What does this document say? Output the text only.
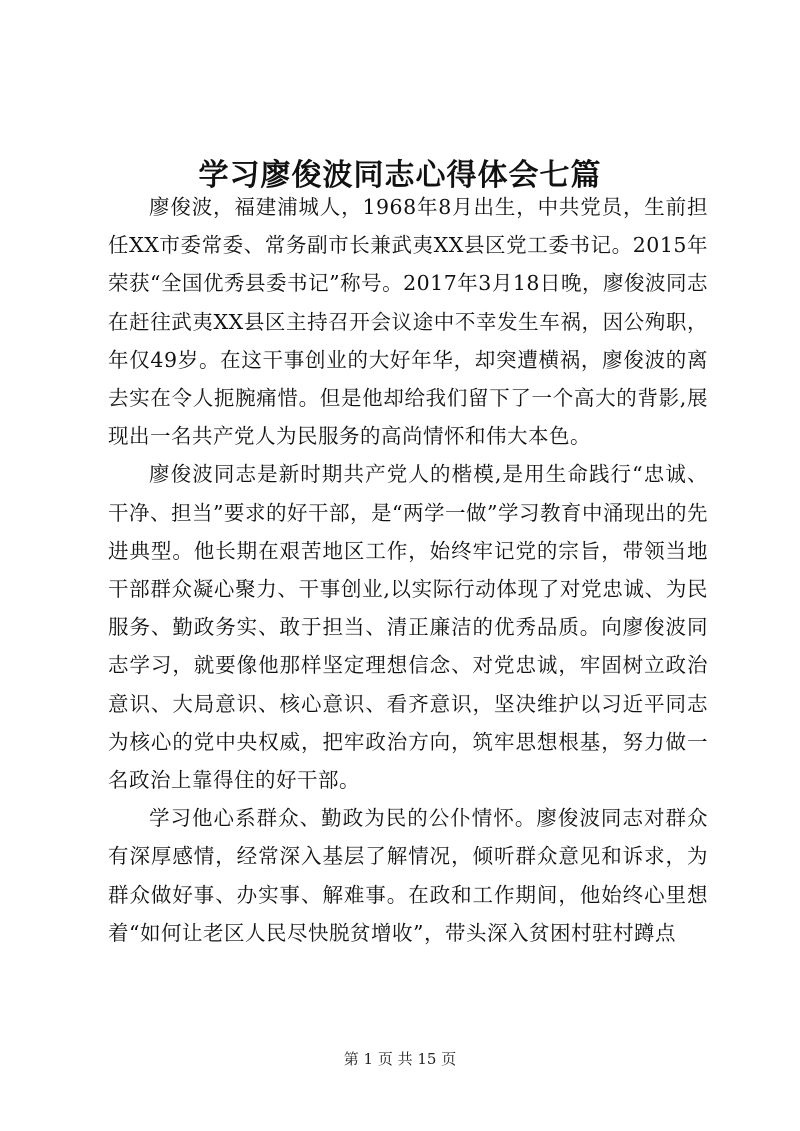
学习廖俊波同志心得体会七篇

廖俊波，福建浦城人，1968年8月出生，中共党员，生前担任XX市委常委、常务副市长兼武夷XX县区党工委书记。2015年荣获“全国优秀县委书记”称号。2017年3月18日晚，廖俊波同志在赶往武夷XX县区主持召开会议途中不幸发生车祸，因公殉职，年仅49岁。在这干事创业的大好年华，却突遭横祸，廖俊波的离去实在令人扼腕痛惜。但是他却给我们留下了一个高大的背影,展现出一名共产党人为民服务的高尚情怀和伟大本色。

廖俊波同志是新时期共产党人的楷模,是用生命践行“忠诚、干净、担当”要求的好干部，是“两学一做”学习教育中涌现出的先进典型。他长期在艰苦地区工作，始终牢记党的宗旨，带领当地干部群众凝心聚力、干事创业,以实际行动体现了对党忠诚、为民服务、勤政务实、敢于担当、清正廉洁的优秀品质。向廖俊波同志学习，就要像他那样坚定理想信念、对党忠诚，牢固树立政治意识、大局意识、核心意识、看齐意识，坚决维护以习近平同志为核心的党中央权威，把牢政治方向，筑牢思想根基，努力做一名政治上靠得住的好干部。

学习他心系群众、勤政为民的公仆情怀。廖俊波同志对群众有深厚感情，经常深入基层了解情况，倾听群众意见和诉求，为群众做好事、办实事、解难事。在政和工作期间，他始终心里想着“如何让老区人民尽快脱贫增收”，带头深入贫困村驻村蹲点

第 1 页 共 15 页
